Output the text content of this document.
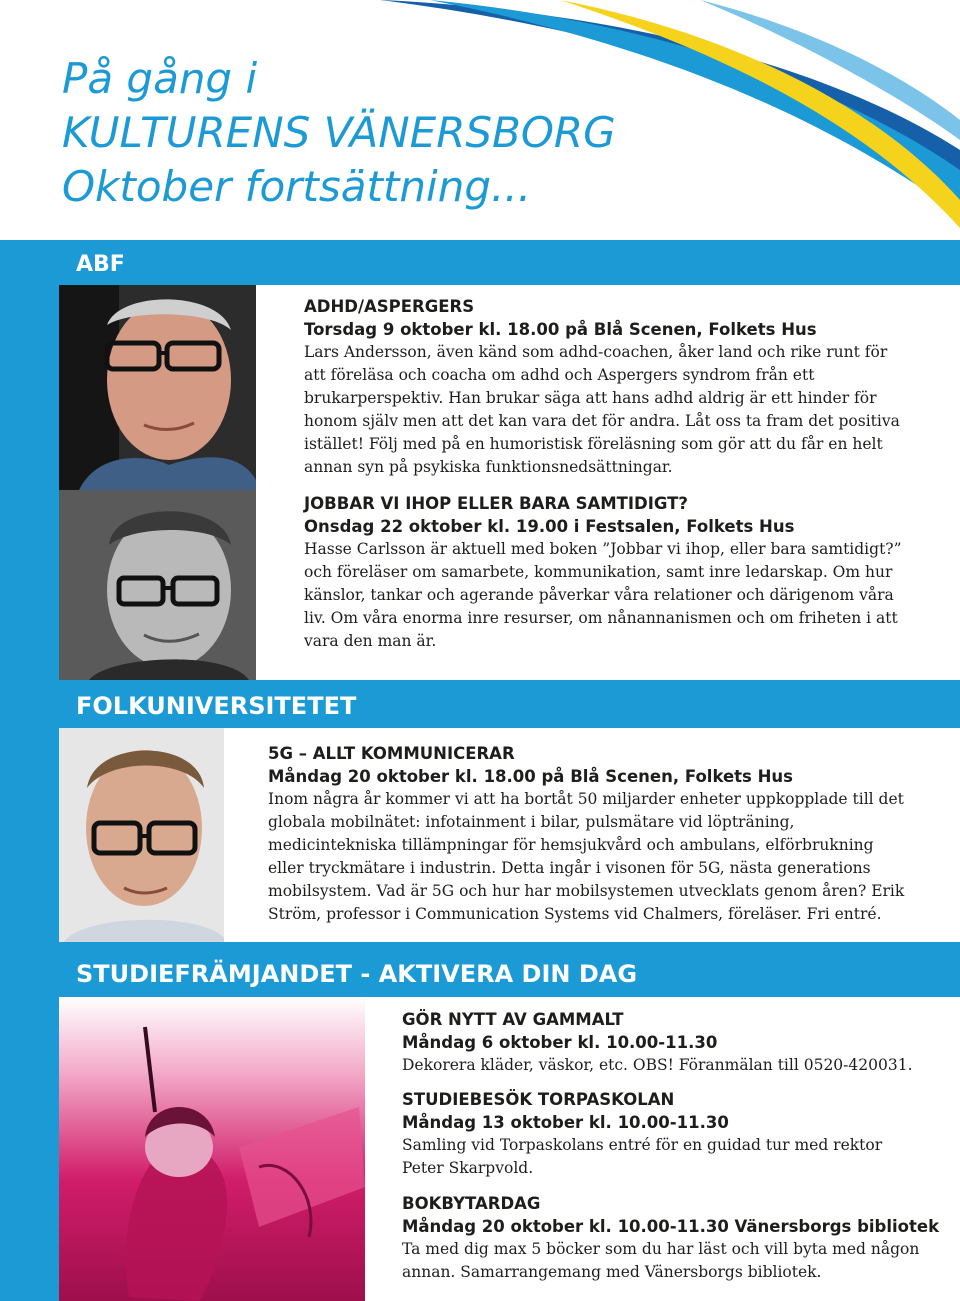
På gång i
KULTURENS VÄNERSBORG
Oktober fortsättning...
ABF

ADHD/ASPERGERS

Torsdag 9 oktober kl. 18.00 på Blå Scenen, Folkets Hus

Lars Andersson, även känd som adhd-coachen, åker land och rike runt för att föreläsa och coacha om adhd och Aspergers syndrom från ett brukarperspektiv. Han brukar säga att hans adhd aldrig är ett hinder för honom själv men att det kan vara det för andra. Låt oss ta fram det positiva istället! Följ med på en humoristisk föreläsning som gör att du får en helt annan syn på psykiska funktionsnedsättningar.

JOBBAR VI IHOP ELLER BARA SAMTIDIGT?

Onsdag 22 oktober kl. 19.00 i Festsalen, Folkets Hus

Hasse Carlsson är aktuell med boken ”Jobbar vi ihop, eller bara samtidigt?” och föreläser om samarbete, kommunikation, samt inre ledarskap. Om hur känslor, tankar och agerande påverkar våra relationer och därigenom våra liv. Om våra enorma inre resurser, om nånannanismen och om friheten i att vara den man är.

FOLKUNIVERSITETET

5G – ALLT KOMMUNICERAR

Måndag 20 oktober kl. 18.00 på Blå Scenen, Folkets Hus

Inom några år kommer vi att ha bortåt 50 miljarder enheter uppkopplade till det globala mobilnätet: infotainment i bilar, pulsmätare vid löpträning, medicintekniska tillämpningar för hemsjukvård och ambulans, elförbrukning eller tryckmätare i industrin. Detta ingår i visonen för 5G, nästa generations mobilsystem. Vad är 5G och hur har mobilsystemen utvecklats genom åren? Erik Ström, professor i Communication Systems vid Chalmers, föreläser. Fri entré.

STUDIEFRÄMJANDET - AKTIVERA DIN DAG

GÖR NYTT AV GAMMALT

Måndag 6 oktober kl. 10.00-11.30

Dekorera kläder, väskor, etc. OBS! Föranmälan till 0520-420031.

STUDIEBESÖK TORPASKOLAN

Måndag 13 oktober kl. 10.00-11.30

Samling vid Torpaskolans entré för en guidad tur med rektor Peter Skarpvold.

BOKBYTARDAG

Måndag 20 oktober kl. 10.00-11.30 Vänersborgs bibliotek

Ta med dig max 5 böcker som du har läst och vill byta med någon annan. Samarrangemang med Vänersborgs bibliotek.
